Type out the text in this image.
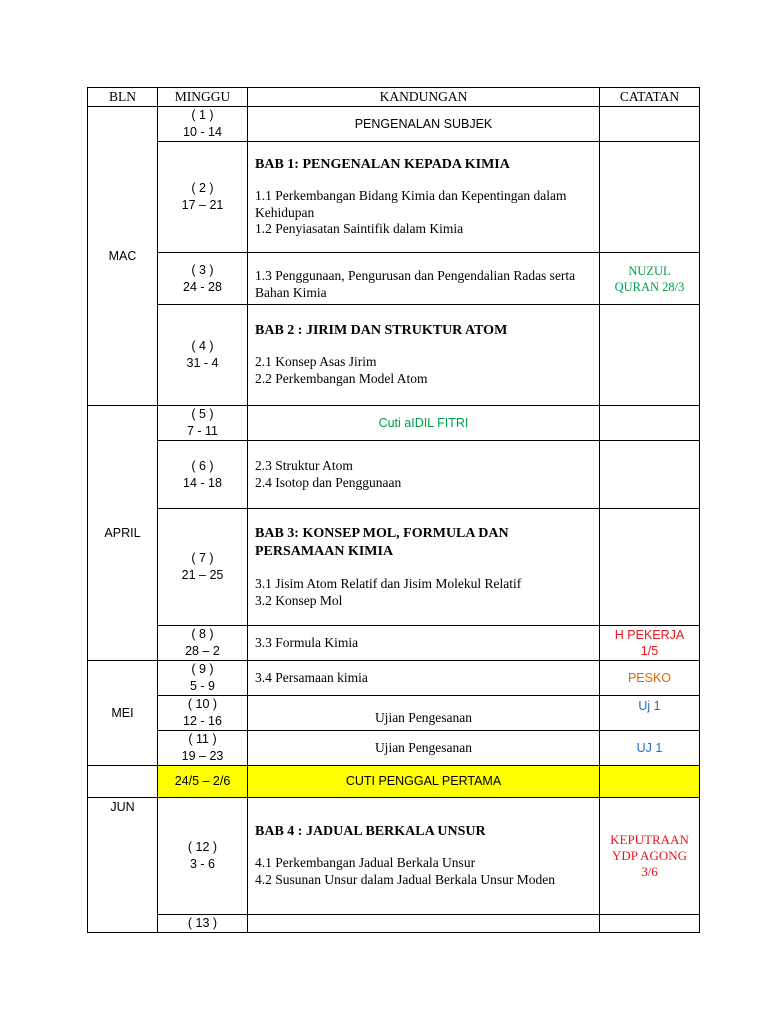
BLN	MINGGU	KANDUNGAN	CATATAN
MAC	( 1 )
10 - 14	PENGENALAN SUBJEK	

	( 2 )
17 – 21	BAB 1: PENGENALAN KEPADA KIMIA
1.1 Perkembangan Bidang Kimia dan Kepentingan dalam Kehidupan
1.2 Penyiasatan Saintifik dalam Kimia	

	( 3 )
24 - 28	1.3 Penggunaan, Pengurusan dan Pengendalian Radas serta Bahan Kimia	NUZUL QURAN 28/3

	( 4 )
31 - 4	BAB 2 : JIRIM DAN STRUKTUR ATOM
2.1 Konsep Asas Jirim
2.2 Perkembangan Model Atom	

APRIL	( 5 )
7 - 11	Cuti aIDIL FITRI	

	( 6 )
14 - 18	2.3 Struktur Atom
2.4 Isotop dan Penggunaan	

	( 7 )
21 – 25	BAB 3: KONSEP MOL, FORMULA DAN PERSAMAAN KIMIA
3.1 Jisim Atom Relatif dan Jisim Molekul Relatif
3.2 Konsep Mol	

	( 8 )
28 – 2	3.3 Formula Kimia	H PEKERJA 1/5
MEI	( 9 )
5 - 9	3.4 Persamaan kimia	PESKO

	( 10 )
12 - 16	Ujian Pengesanan	Uj 1

	( 11 )
19 – 23	Ujian Pengesanan	UJ 1
	24/5 – 2/6	CUTI PENGGAL PERTAMA	
JUN	( 12 )
3 - 6	BAB 4 : JADUAL BERKALA UNSUR
4.1 Perkembangan Jadual Berkala Unsur
4.2 Susunan Unsur dalam Jadual Berkala Unsur Moden	KEPUTRAAN YDP AGONG 3/6

	( 13 )		
